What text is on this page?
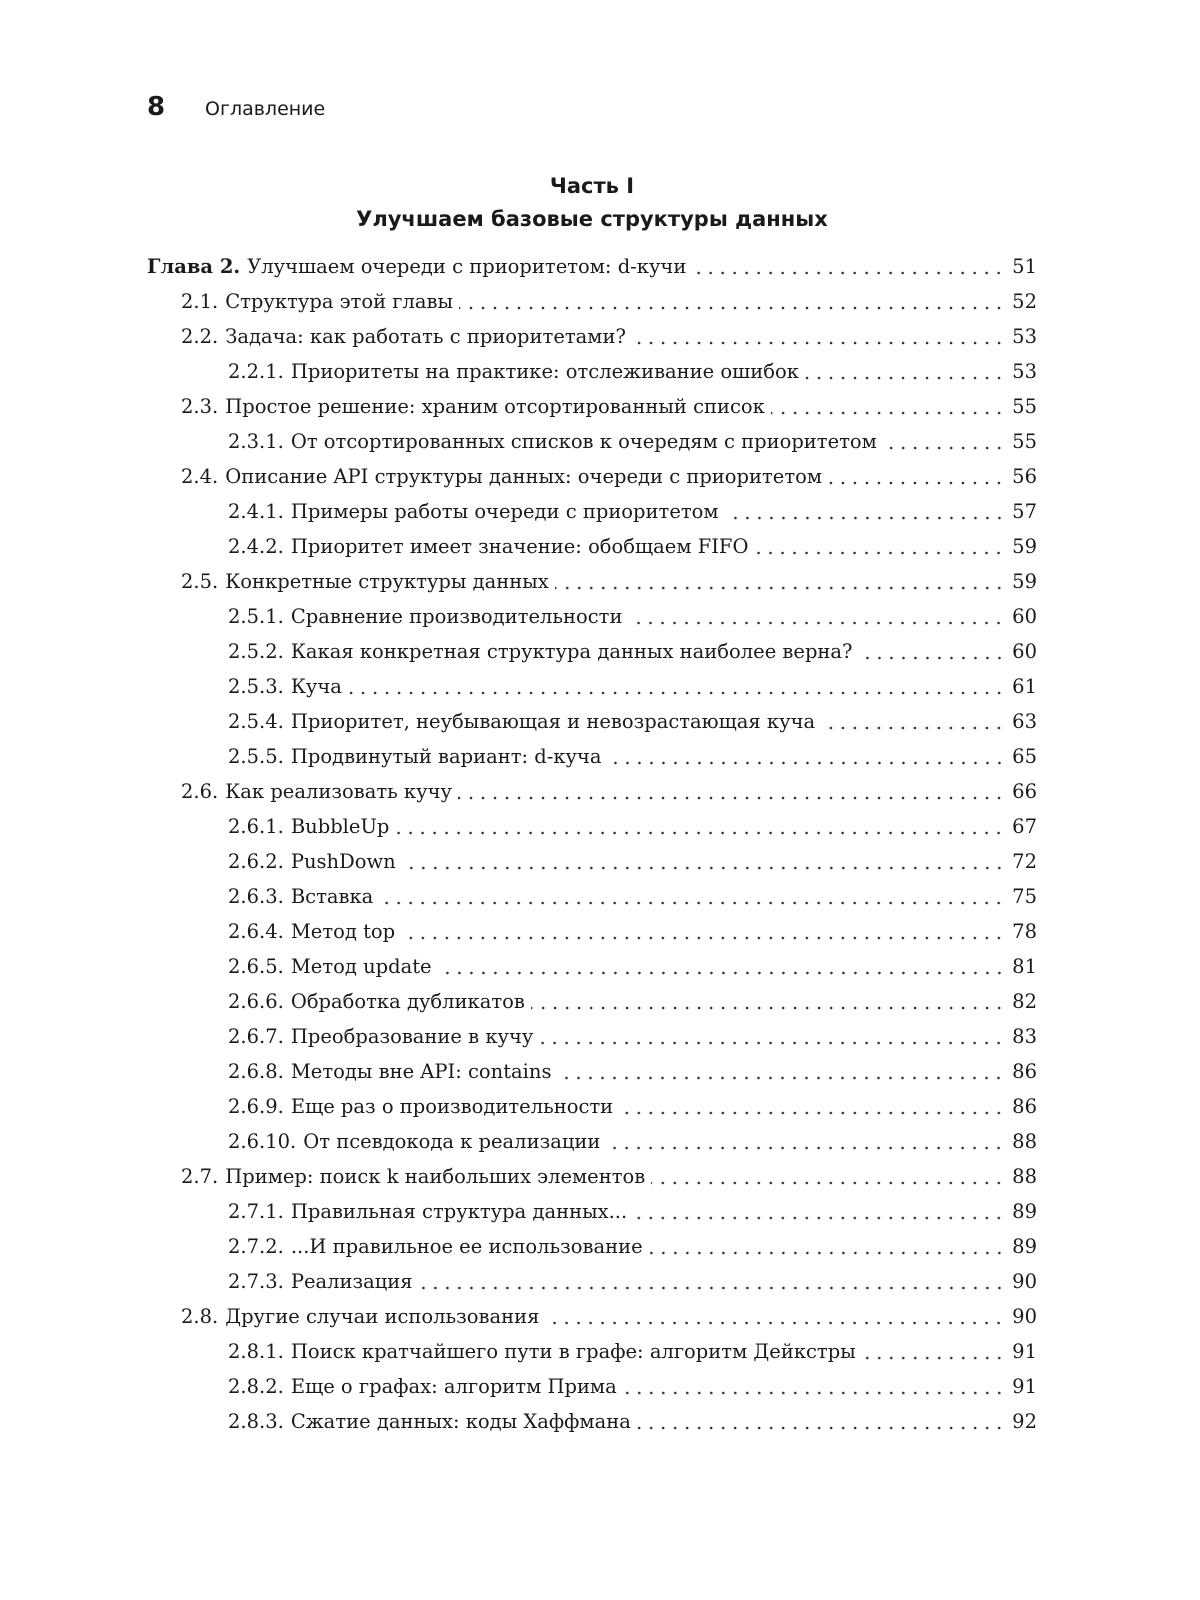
8	Оглавление
Часть I
Улучшаем базовые структуры данных
Глава 2. Улучшаем очереди с приоритетом: d-кучи	51
2.1. Структура этой главы	52
2.2. Задача: как работать с приоритетами?	53
2.2.1. Приоритеты на практике: отслеживание ошибок	53
2.3. Простое решение: храним отсортированный список	55
2.3.1. От отсортированных списков к очередям с приоритетом	55
2.4. Описание API структуры данных: очереди с приоритетом	56
2.4.1. Примеры работы очереди с приоритетом	57
2.4.2. Приоритет имеет значение: обобщаем FIFO	59
2.5. Конкретные структуры данных	59
2.5.1. Сравнение производительности	60
2.5.2. Какая конкретная структура данных наиболее верна?	60
2.5.3. Куча	61
2.5.4. Приоритет, неубывающая и невозрастающая куча	63
2.5.5. Продвинутый вариант: d-куча	65
2.6. Как реализовать кучу	66
2.6.1. BubbleUp	67
2.6.2. PushDown	72
2.6.3. Вставка	75
2.6.4. Метод top	78
2.6.5. Метод update	81
2.6.6. Обработка дубликатов	82
2.6.7. Преобразование в кучу	83
2.6.8. Методы вне API: contains	86
2.6.9. Еще раз о производительности	86
2.6.10. От псевдокода к реализации	88
2.7. Пример: поиск k наибольших элементов	88
2.7.1. Правильная структура данных...	89
2.7.2. ...И правильное ее использование	89
2.7.3. Реализация	90
2.8. Другие случаи использования	90
2.8.1. Поиск кратчайшего пути в графе: алгоритм Дейкстры	91
2.8.2. Еще о графах: алгоритм Прима	91
2.8.3. Сжатие данных: коды Хаффмана	92
